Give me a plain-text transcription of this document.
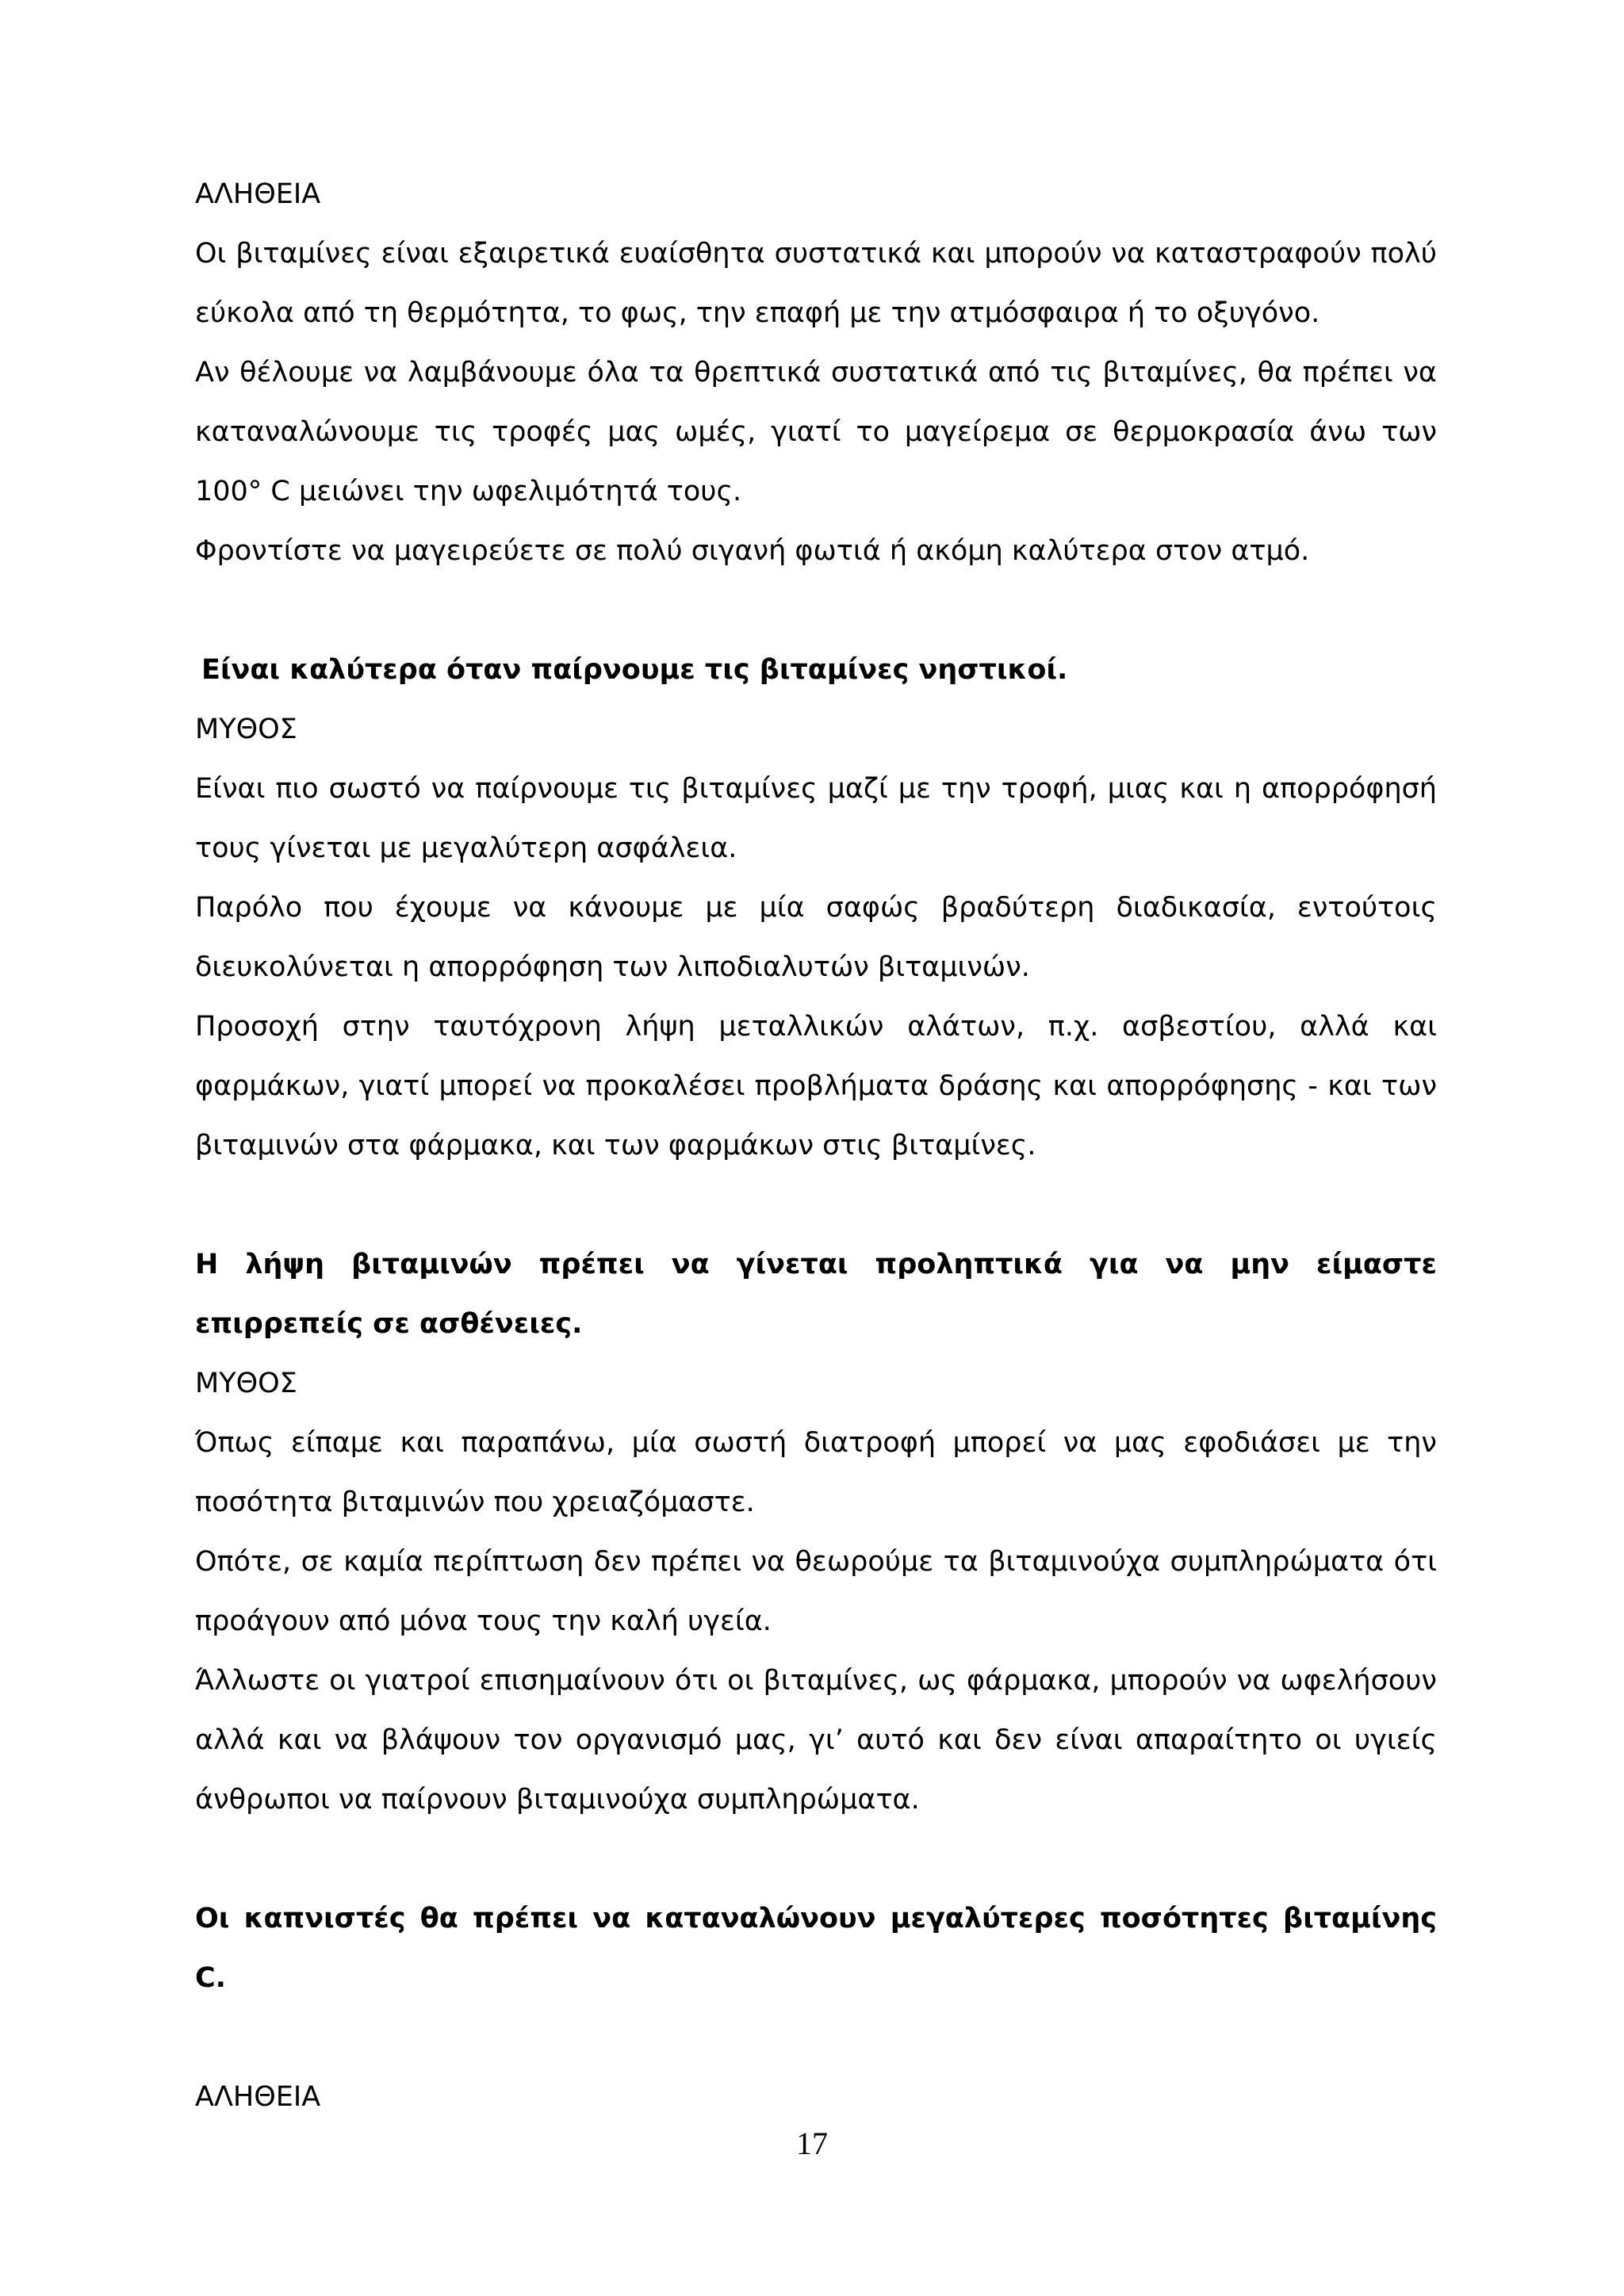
ΑΛΗΘΕΙΑ

Οι βιταμίνες είναι εξαιρετικά ευαίσθητα συστατικά και μπορούν να καταστραφούν πολύ εύκολα από τη θερμότητα, το φως, την επαφή με την ατμόσφαιρα ή το οξυγόνο.

Αν θέλουμε να λαμβάνουμε όλα τα θρεπτικά συστατικά από τις βιταμίνες, θα πρέπει να καταναλώνουμε τις τροφές μας ωμές, γιατί το μαγείρεμα σε θερμοκρασία άνω των 100° C μειώνει την ωφελιμότητά τους.

Φροντίστε να μαγειρεύετε σε πολύ σιγανή φωτιά ή ακόμη καλύτερα στον ατμό.

Είναι καλύτερα όταν παίρνουμε τις βιταμίνες νηστικοί.

ΜΥΘΟΣ

Είναι πιο σωστό να παίρνουμε τις βιταμίνες μαζί με την τροφή, μιας και η απορρόφησή τους γίνεται με μεγαλύτερη ασφάλεια.

Παρόλο που έχουμε να κάνουμε με μία σαφώς βραδύτερη διαδικασία, εντούτοις διευκολύνεται η απορρόφηση των λιποδιαλυτών βιταμινών.

Προσοχή στην ταυτόχρονη λήψη μεταλλικών αλάτων, π.χ. ασβεστίου, αλλά και φαρμάκων, γιατί μπορεί να προκαλέσει προβλήματα δράσης και απορρόφησης - και των βιταμινών στα φάρμακα, και των φαρμάκων στις βιταμίνες.

Η λήψη βιταμινών πρέπει να γίνεται προληπτικά για να μην είμαστε επιρρεπείς σε ασθένειες.

ΜΥΘΟΣ

Όπως είπαμε και παραπάνω, μία σωστή διατροφή μπορεί να μας εφοδιάσει με την ποσότητα βιταμινών που χρειαζόμαστε.

Οπότε, σε καμία περίπτωση δεν πρέπει να θεωρούμε τα βιταμινούχα συμπληρώματα ότι προάγουν από μόνα τους την καλή υγεία.

Άλλωστε οι γιατροί επισημαίνουν ότι οι βιταμίνες, ως φάρμακα, μπορούν να ωφελήσουν αλλά και να βλάψουν τον οργανισμό μας, γι’ αυτό και δεν είναι απαραίτητο οι υγιείς άνθρωποι να παίρνουν βιταμινούχα συμπληρώματα.

Οι καπνιστές θα πρέπει να καταναλώνουν μεγαλύτερες ποσότητες βιταμίνης C.

ΑΛΗΘΕΙΑ

17
